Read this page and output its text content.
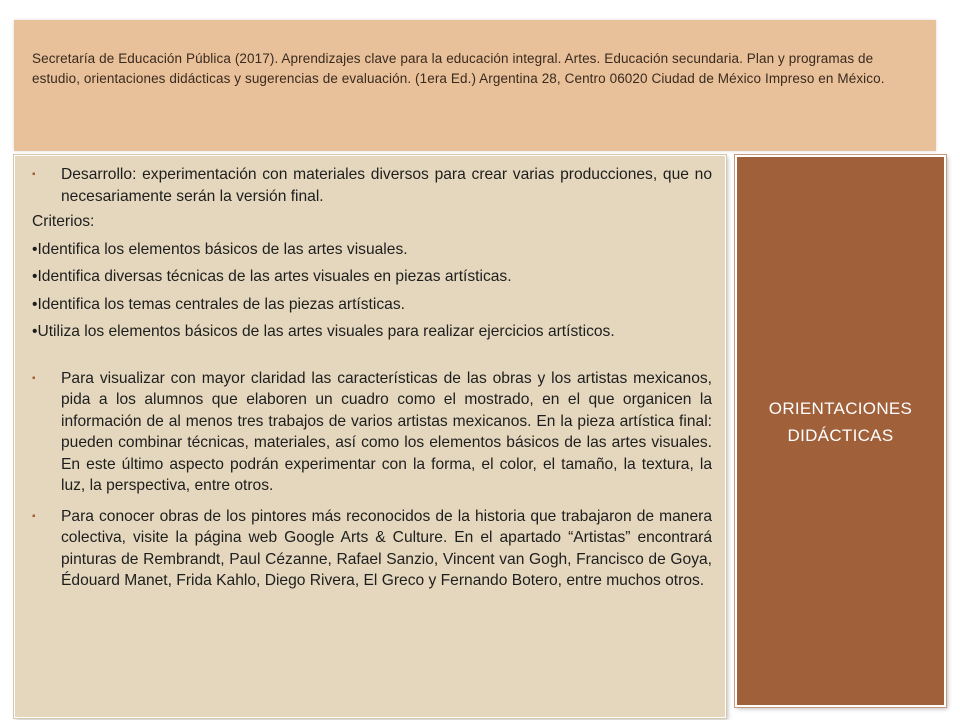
Secretaría de Educación Pública (2017). Aprendizajes clave para la educación integral. Artes. Educación secundaria. Plan y programas de estudio, orientaciones didácticas y sugerencias de evaluación. (1era Ed.) Argentina 28, Centro 06020 Ciudad de México Impreso en México.

▪	Desarrollo: experimentación con materiales diversos para crear varias producciones, que no necesariamente serán la versión final.

Criterios:

•Identifica los elementos básicos de las artes visuales.

•Identifica diversas técnicas de las artes visuales en piezas artísticas.

•Identifica los temas centrales de las piezas artísticas.

•Utiliza los elementos básicos de las artes visuales para realizar ejercicios artísticos.

▪	Para visualizar con mayor claridad las características de las obras y los artistas mexicanos, pida a los alumnos que elaboren un cuadro como el mostrado, en el que organicen la información de al menos tres trabajos de varios artistas mexicanos. En la pieza artística final: pueden combinar técnicas, materiales, así como los elementos básicos de las artes visuales. En este último aspecto podrán experimentar con la forma, el color, el tamaño, la textura, la luz, la perspectiva, entre otros.
▪	Para conocer obras de los pintores más reconocidos de la historia que trabajaron de manera colectiva, visite la página web Google Arts & Culture. En el apartado “Artistas” encontrará pinturas de Rembrandt, Paul Cézanne, Rafael Sanzio, Vincent van Gogh, Francisco de Goya, Édouard Manet, Frida Kahlo, Diego Rivera, El Greco y Fernando Botero, entre muchos otros.

ORIENTACIONES
DIDÁCTICAS
